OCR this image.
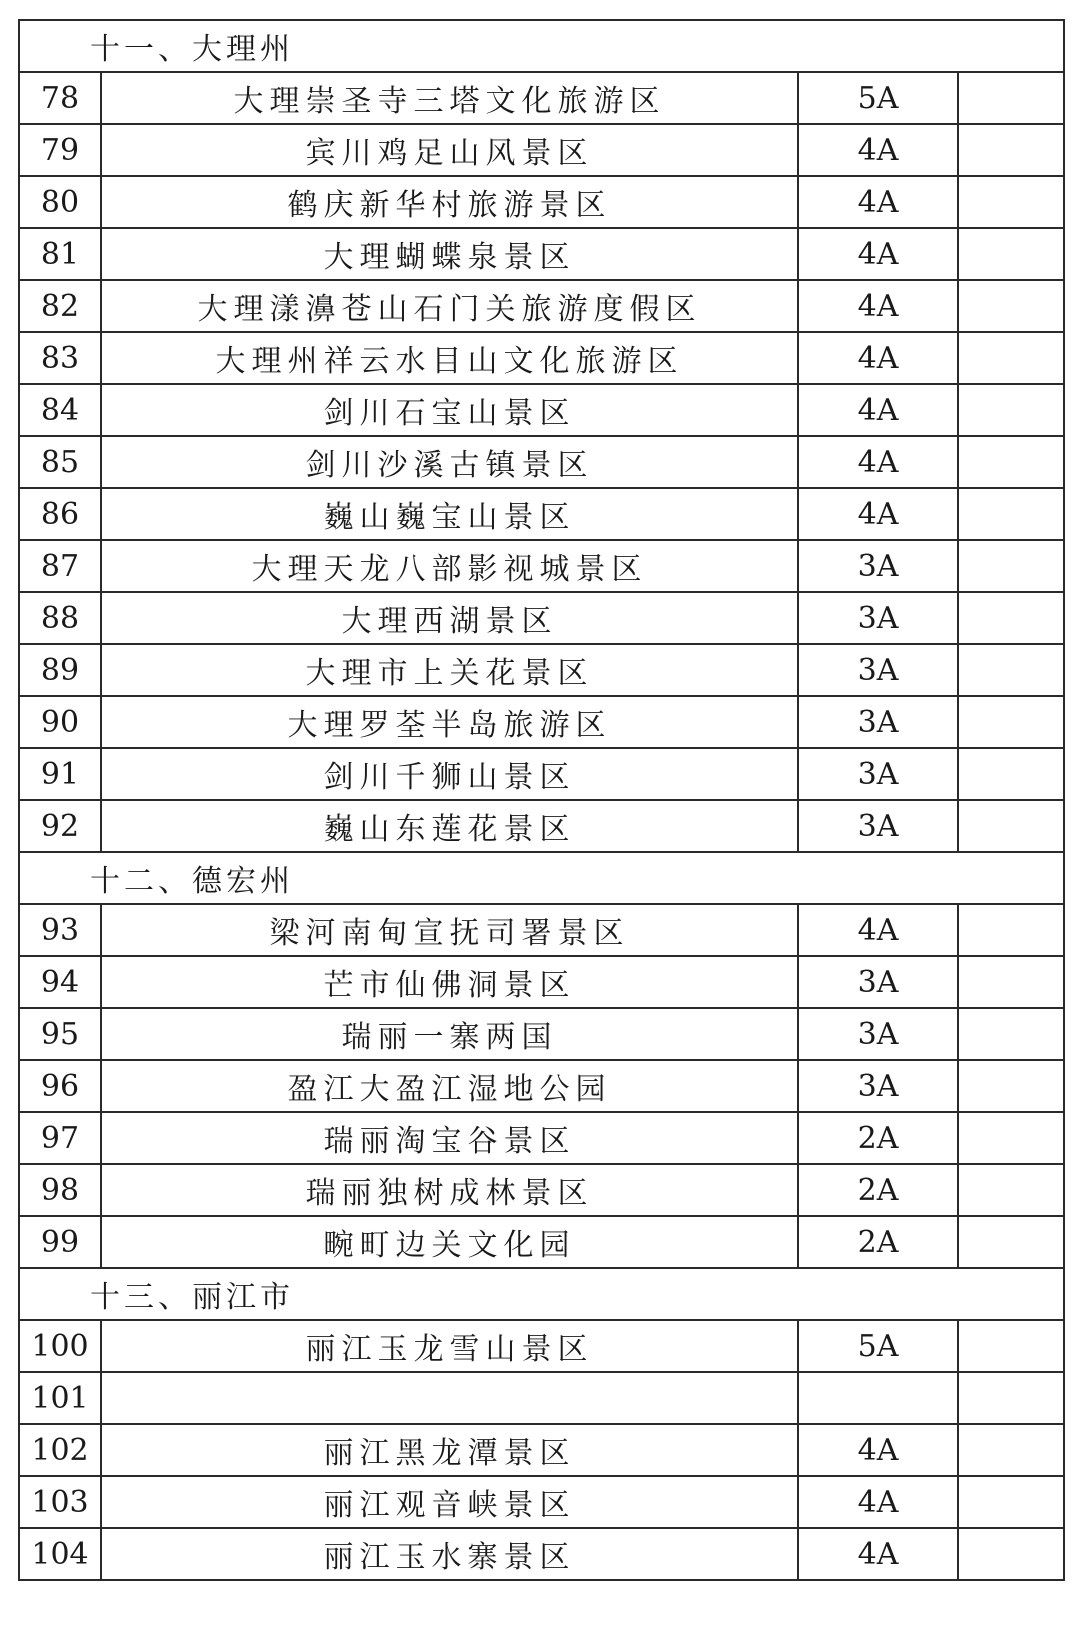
十一、大理州			
78	大理崇圣寺三塔文化旅游区	5A	
79	宾川鸡足山风景区	4A	
80	鹤庆新华村旅游景区	4A	
81	大理蝴蝶泉景区	4A	
82	大理漾濞苍山石门关旅游度假区	4A	
83	大理州祥云水目山文化旅游区	4A	
84	剑川石宝山景区	4A	
85	剑川沙溪古镇景区	4A	
86	巍山巍宝山景区	4A	
87	大理天龙八部影视城景区	3A	
88	大理西湖景区	3A	
89	大理市上关花景区	3A	
90	大理罗荃半岛旅游区	3A	
91	剑川千狮山景区	3A	
92	巍山东莲花景区	3A	
十二、德宏州			
93	梁河南甸宣抚司署景区	4A	
94	芒市仙佛洞景区	3A	
95	瑞丽一寨两国	3A	
96	盈江大盈江湿地公园	3A	
97	瑞丽淘宝谷景区	2A	
98	瑞丽独树成林景区	2A	
99	畹町边关文化园	2A	
十三、丽江市			
100	丽江玉龙雪山景区	5A	
101			
102	丽江黑龙潭景区	4A	
103	丽江观音峡景区	4A	
104	丽江玉水寨景区	4A	
